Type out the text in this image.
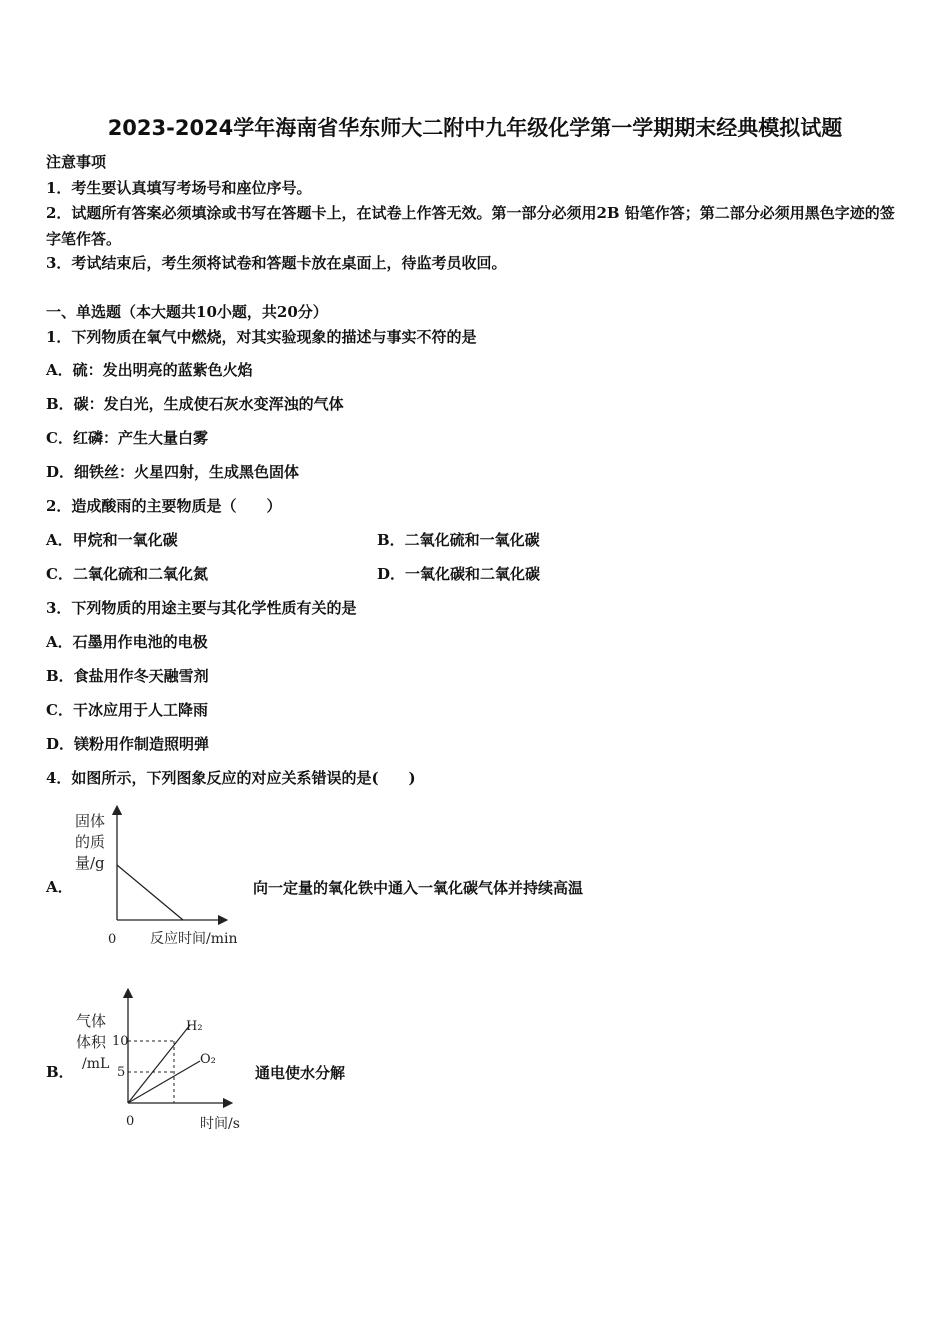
2023-2024学年海南省华东师大二附中九年级化学第一学期期末经典模拟试题
注意事项
1．考生要认真填写考场号和座位序号。
2．试题所有答案必须填涂或书写在答题卡上，在试卷上作答无效。第一部分必须用2B 铅笔作答；第二部分必须用黑色字迹的签字笔作答。
3．考试结束后，考生须将试卷和答题卡放在桌面上，待监考员收回。
一、单选题（本大题共10小题，共20分）
1．下列物质在氧气中燃烧，对其实验现象的描述与事实不符的是
A．硫：发出明亮的蓝紫色火焰
B．碳：发白光，生成使石灰水变浑浊的气体
C．红磷：产生大量白雾
D．细铁丝：火星四射，生成黑色固体
2．造成酸雨的主要物质是（　　）
A．甲烷和一氧化碳	B．二氧化硫和一氧化碳
C．二氧化硫和二氧化氮	D．一氧化碳和二氧化碳
3．下列物质的用途主要与其化学性质有关的是
A．石墨用作电池的电极
B．食盐用作冬天融雪剂
C．干冰应用于人工降雨
D．镁粉用作制造照明弹
4．如图所示，下列图象反应的对应关系错误的是(　　)
A．
固体
的质
量/g
0 反应时间/min
向一定量的氧化铁中通入一氧化碳气体并持续高温
B．
气体
体积
/mL
10
5
H₂
O₂
0	时间/s
通电使水分解
